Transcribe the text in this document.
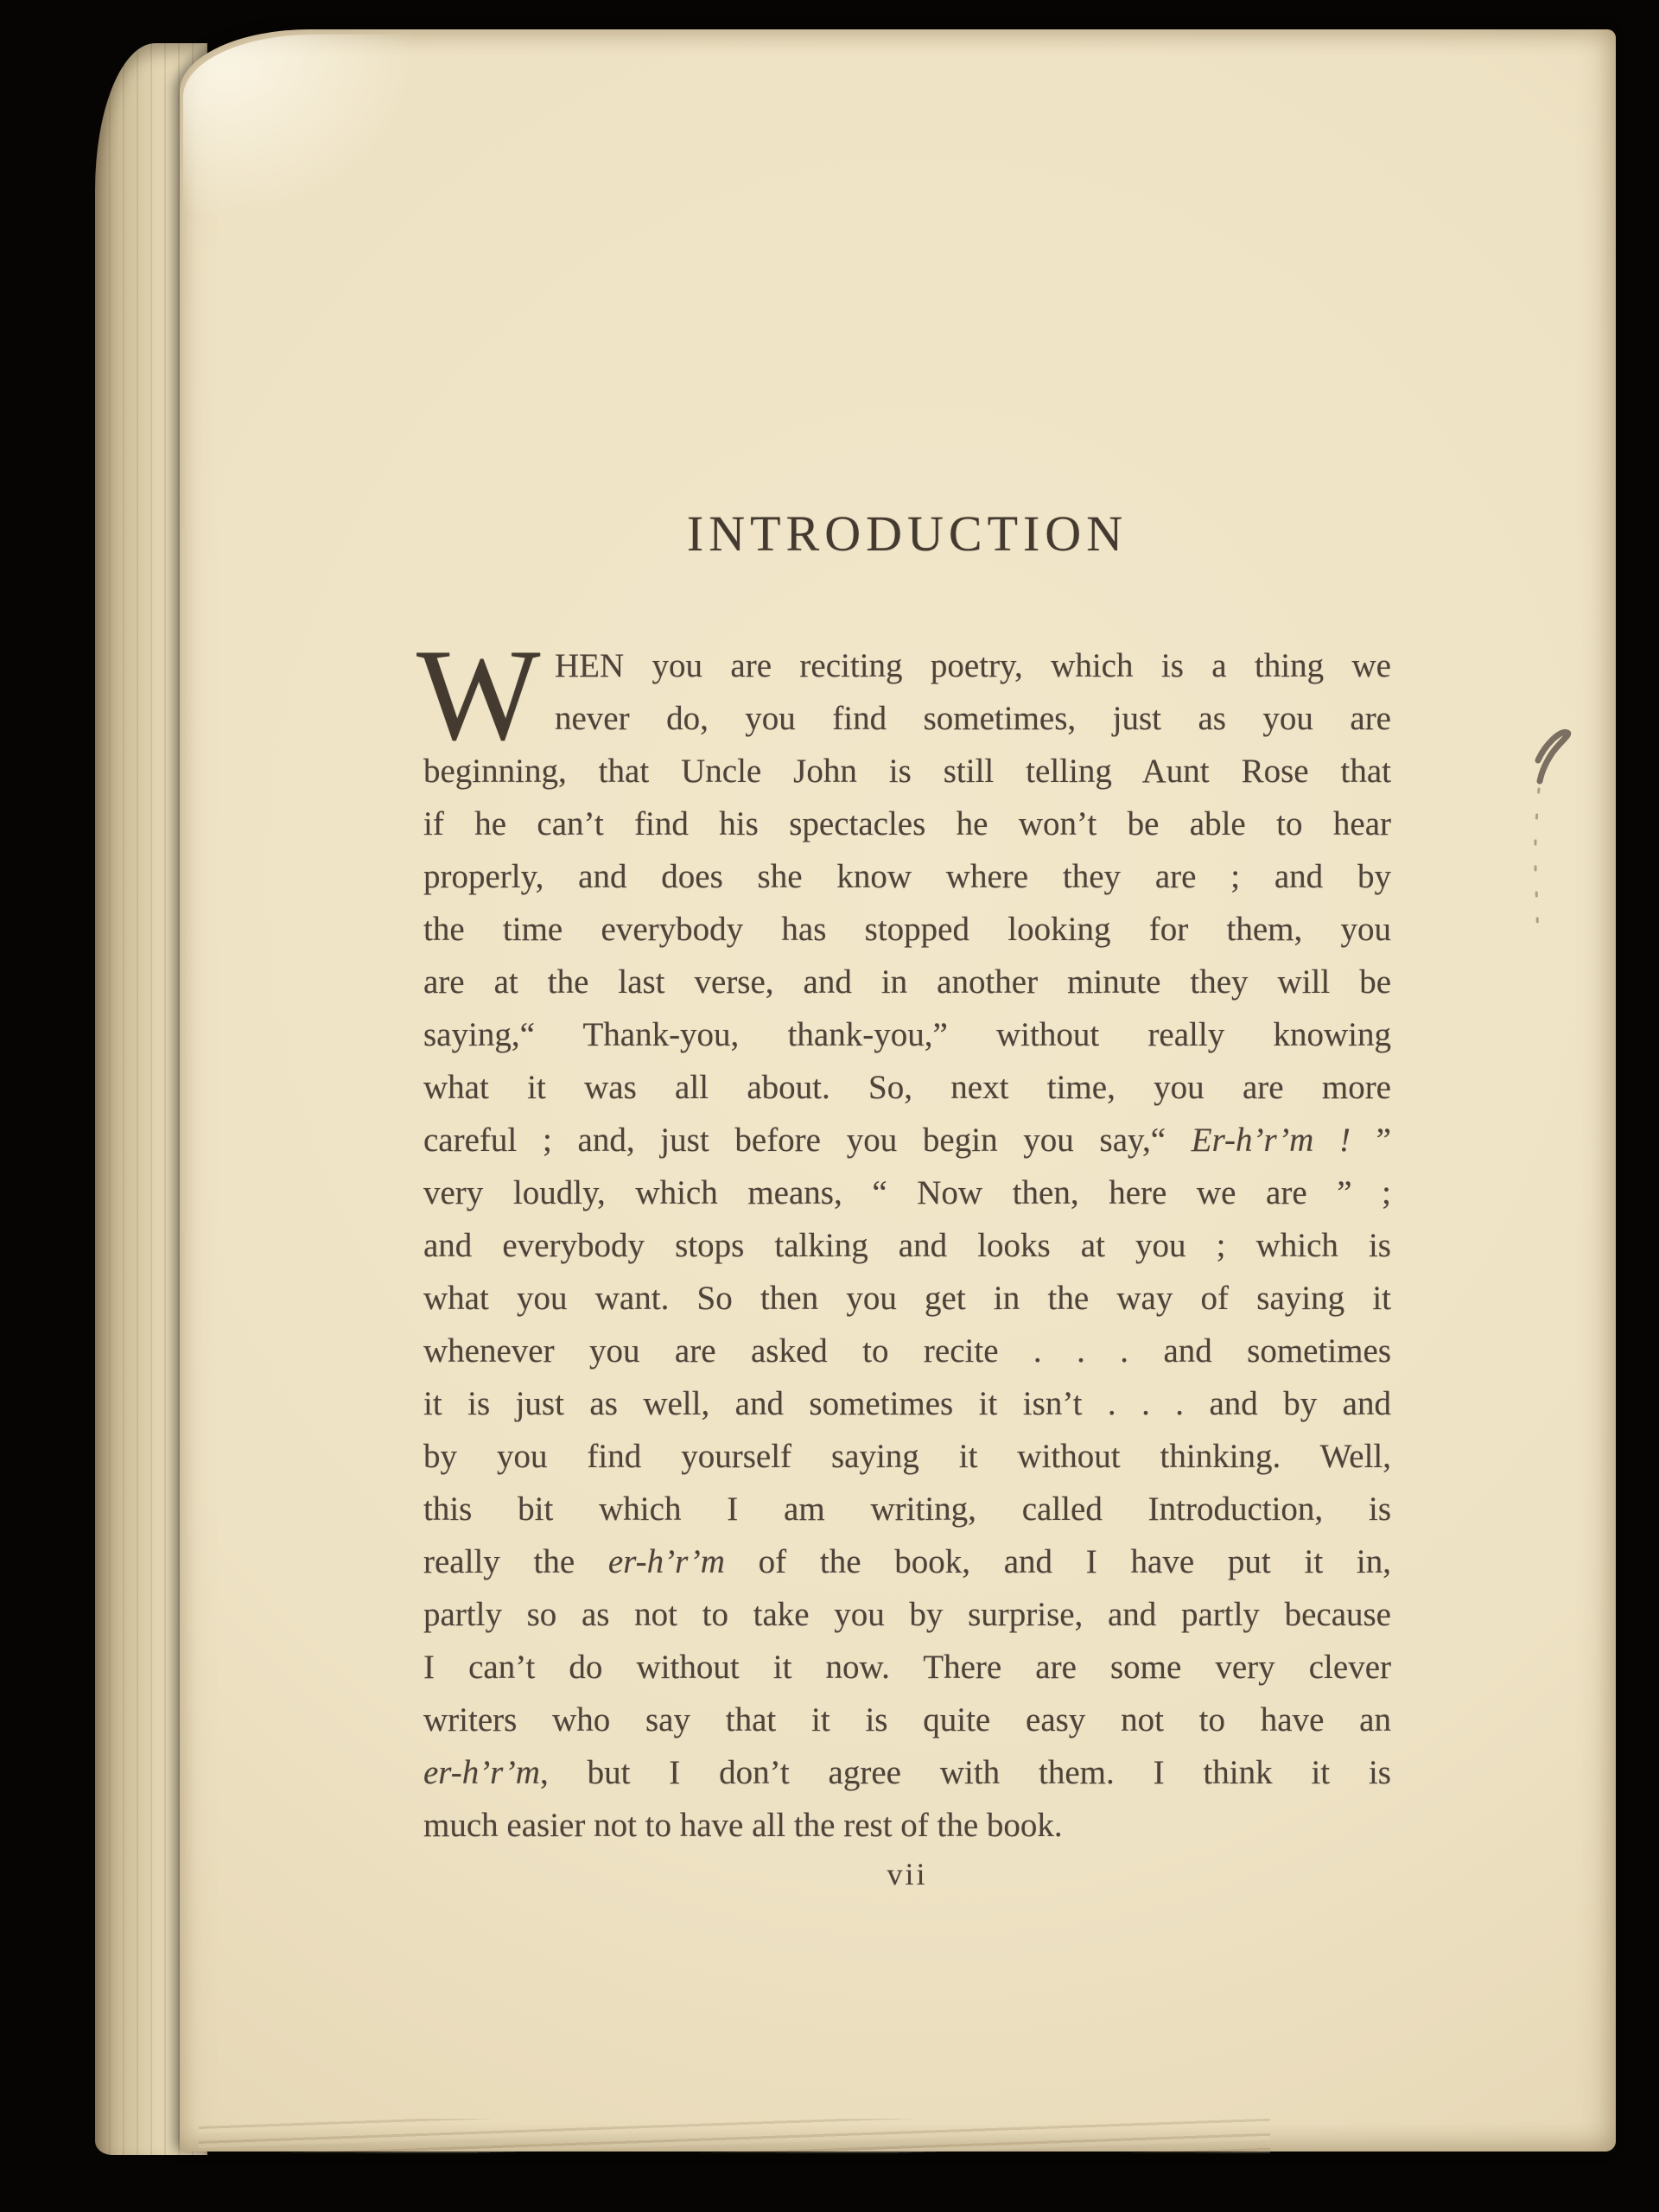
INTRODUCTION
W HEN you are reciting poetry, which is a thing we
never do, you find sometimes, just as you are
beginning, that Uncle John is still telling Aunt Rose that
if he can’t find his spectacles he won’t be able to hear
properly, and does she know where they are ; and by
the time everybody has stopped looking for them, you
are at the last verse, and in another minute they will be
saying,“ Thank-you, thank-you,” without really knowing
what it was all about. So, next time, you are more
careful ; and, just before you begin you say,“ Er-h’r’m ! ”
very loudly, which means, “ Now then, here we are ” ;
and everybody stops talking and looks at you ; which is
what you want. So then you get in the way of saying it
whenever you are asked to recite . . . and sometimes
it is just as well, and sometimes it isn’t . . . and by and
by you find yourself saying it without thinking. Well,
this bit which I am writing, called Introduction, is
really the er-h’r’m of the book, and I have put it in,
partly so as not to take you by surprise, and partly because
I can’t do without it now. There are some very clever
writers who say that it is quite easy not to have an
er-h’r’m, but I don’t agree with them. I think it is
much easier not to have all the rest of the book.
vii
